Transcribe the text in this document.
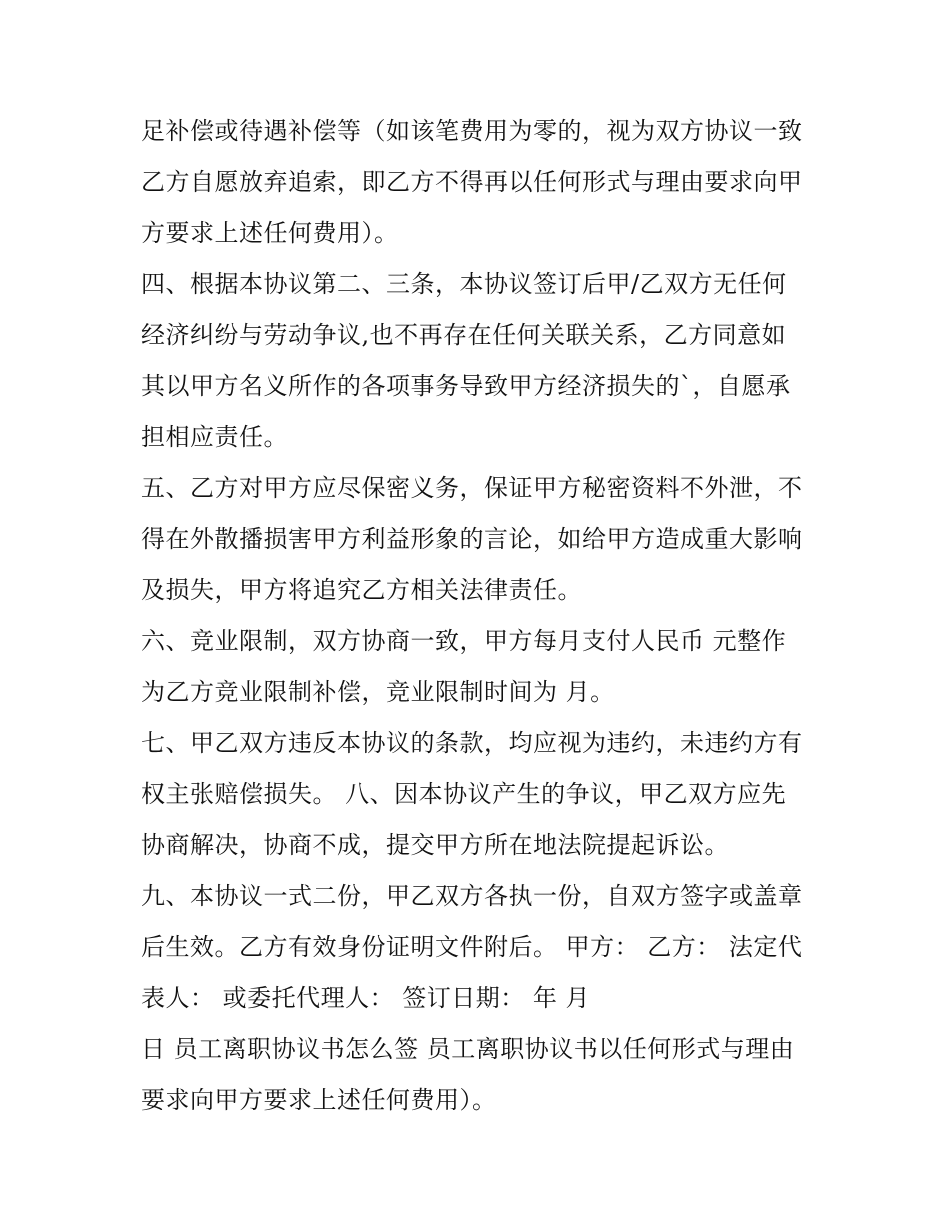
足补偿或待遇补偿等（如该笔费用为零的，视为双方协议一致
乙方自愿放弃追索，即乙方不得再以任何形式与理由要求向甲
方要求上述任何费用）。
四、根据本协议第二、三条，本协议签订后甲/乙双方无任何
经济纠纷与劳动争议,也不再存在任何关联关系，乙方同意如
其以甲方名义所作的各项事务导致甲方经济损失的`，自愿承
担相应责任。
五、乙方对甲方应尽保密义务，保证甲方秘密资料不外泄，不
得在外散播损害甲方利益形象的言论，如给甲方造成重大影响
及损失，甲方将追究乙方相关法律责任。
六、竞业限制，双方协商一致，甲方每月支付人民币 元整作
为乙方竞业限制补偿，竞业限制时间为 月。
七、甲乙双方违反本协议的条款，均应视为违约，未违约方有
权主张赔偿损失。 八、因本协议产生的争议，甲乙双方应先
协商解决，协商不成，提交甲方所在地法院提起诉讼。
九、本协议一式二份，甲乙双方各执一份，自双方签字或盖章
后生效。乙方有效身份证明文件附后。 甲方： 乙方： 法定代
表人： 或委托代理人： 签订日期： 年 月
日 员工离职协议书怎么签 员工离职协议书以任何形式与理由
要求向甲方要求上述任何费用）。
